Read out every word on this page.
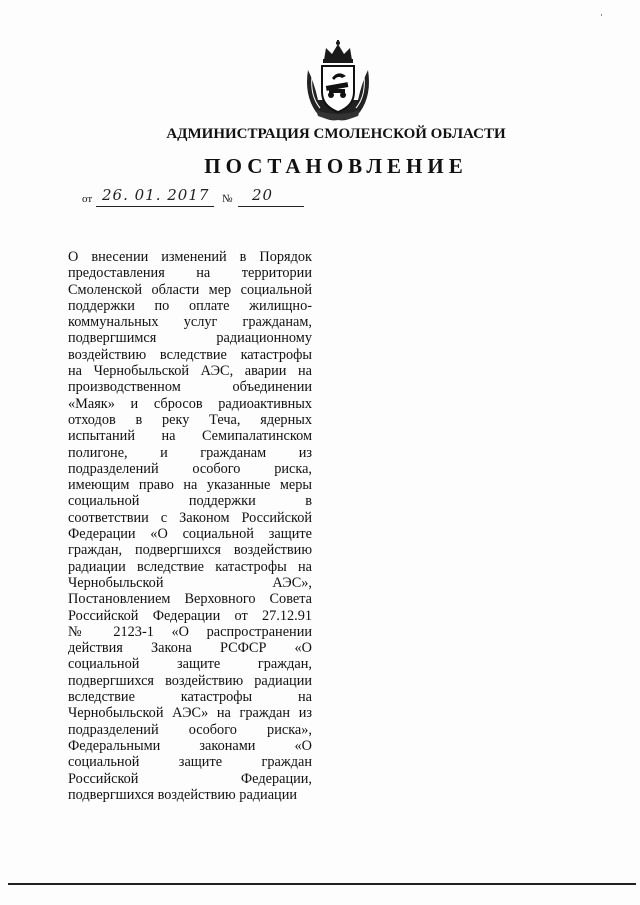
АДМИНИСТРАЦИЯ СМОЛЕНСКОЙ ОБЛАСТИ
ПОСТАНОВЛЕНИЕ
от 26. 01. 2017 № 20
О внесении изменений в Порядок
предоставления на территории
Смоленской области мер социальной
поддержки по оплате жилищно-
коммунальных услуг гражданам,
подвергшимся радиационному
воздействию вследствие катастрофы
на Чернобыльской АЭС, аварии на
производственном объединении
«Маяк» и сбросов радиоактивных
отходов в реку Теча, ядерных
испытаний на Семипалатинском
полигоне, и гражданам из
подразделений особого риска,
имеющим право на указанные меры
социальной поддержки в
соответствии с Законом Российской
Федерации «О социальной защите
граждан, подвергшихся воздействию
радиации вследствие катастрофы на
Чернобыльской АЭС»,
Постановлением Верховного Совета
Российской Федерации от 27.12.91
№ 2123-1 «О распространении
действия Закона РСФСР «О
социальной защите граждан,
подвергшихся воздействию радиации
вследствие катастрофы на
Чернобыльской АЭС» на граждан из
подразделений особого риска»,
Федеральными законами «О
социальной защите граждан
Российской Федерации,
подвергшихся воздействию радиации
